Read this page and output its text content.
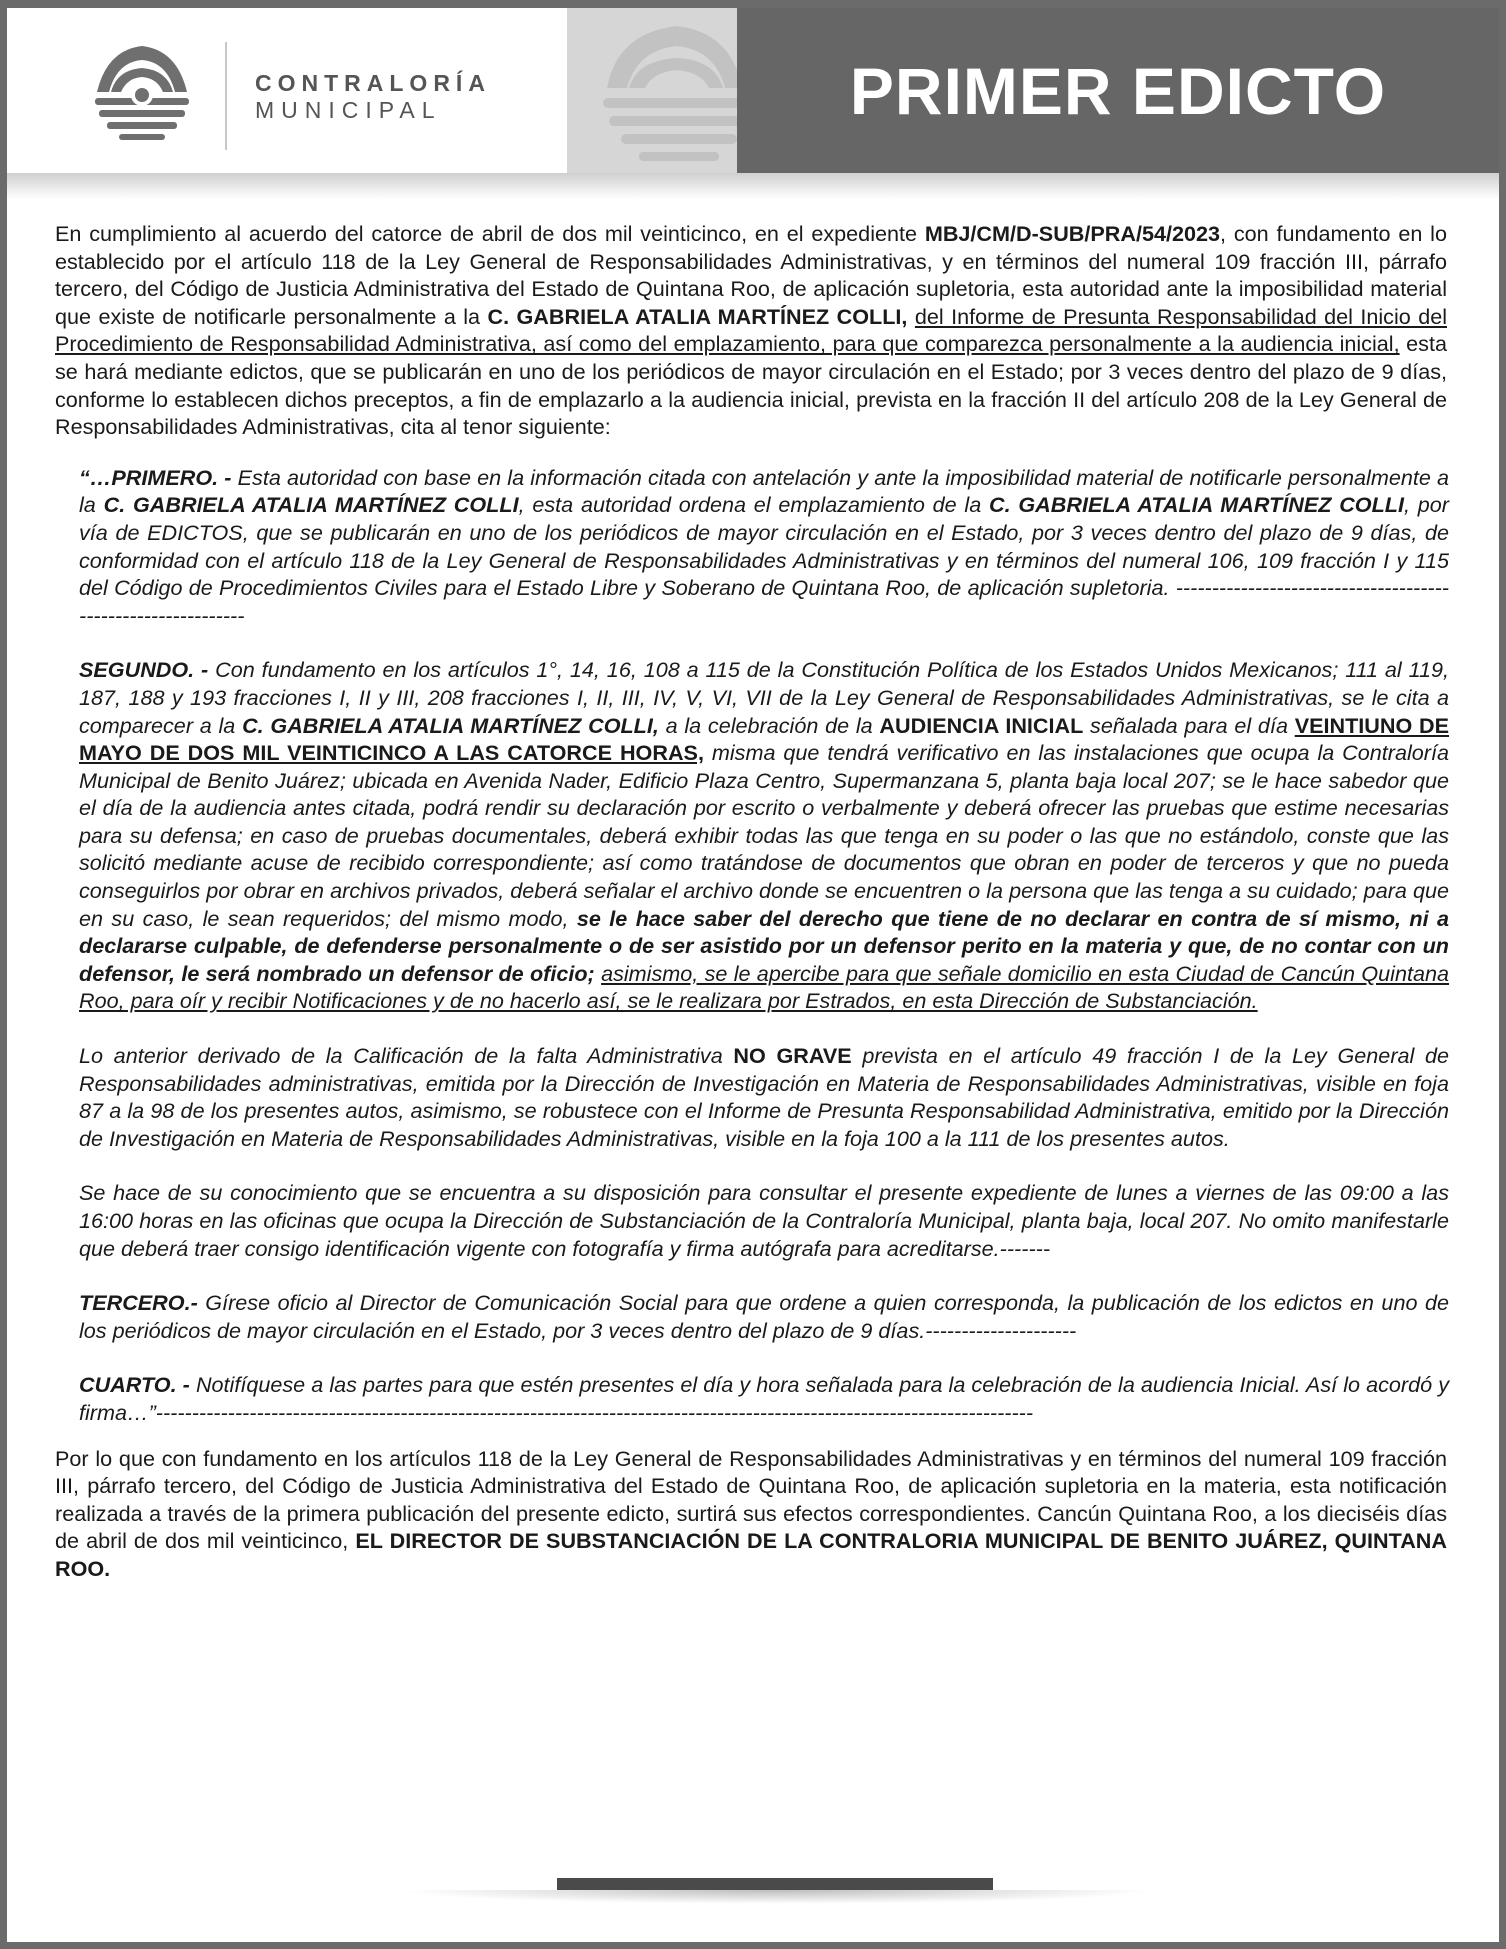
CONTRALORÍA
MUNICIPAL	PRIMER EDICTO

En cumplimiento al acuerdo del catorce de abril de dos mil veinticinco, en el expediente MBJ/CM/D-SUB/PRA/54/2023, con fundamento en lo establecido por el artículo 118 de la Ley General de Responsabilidades Administrativas, y en términos del numeral 109 fracción III, párrafo tercero, del Código de Justicia Administrativa del Estado de Quintana Roo, de aplicación supletoria, esta autoridad ante la imposibilidad material que existe de notificarle personalmente a la C. GABRIELA ATALIA MARTÍNEZ COLLI, del Informe de Presunta Responsabilidad del Inicio del Procedimiento de Responsabilidad Administrativa, así como del emplazamiento, para que comparezca personalmente a la audiencia inicial, esta se hará mediante edictos, que se publicarán en uno de los periódicos de mayor circulación en el Estado; por 3 veces dentro del plazo de 9 días, conforme lo establecen dichos preceptos, a fin de emplazarlo a la audiencia inicial, prevista en la fracción II del artículo 208 de la Ley General de Responsabilidades Administrativas, cita al tenor siguiente:

“…PRIMERO. - Esta autoridad con base en la información citada con antelación y ante la imposibilidad material de notificarle personalmente a la C. GABRIELA ATALIA MARTÍNEZ COLLI, esta autoridad ordena el emplazamiento de la C. GABRIELA ATALIA MARTÍNEZ COLLI, por vía de EDICTOS, que se publicarán en uno de los periódicos de mayor circulación en el Estado, por 3 veces dentro del plazo de 9 días, de conformidad con el artículo 118 de la Ley General de Responsabilidades Administrativas y en términos del numeral 106, 109 fracción I y 115 del Código de Procedimientos Civiles para el Estado Libre y Soberano de Quintana Roo, de aplicación supletoria. -------------------------------------------------------------

SEGUNDO. - Con fundamento en los artículos 1°, 14, 16, 108 a 115 de la Constitución Política de los Estados Unidos Mexicanos; 111 al 119, 187, 188 y 193 fracciones I, II y III, 208 fracciones I, II, III, IV, V, VI, VII de la Ley General de Responsabilidades Administrativas, se le cita a comparecer a la C. GABRIELA ATALIA MARTÍNEZ COLLI, a la celebración de la AUDIENCIA INICIAL señalada para el día VEINTIUNO DE MAYO DE DOS MIL VEINTICINCO A LAS CATORCE HORAS, misma que tendrá verificativo en las instalaciones que ocupa la Contraloría Municipal de Benito Juárez; ubicada en Avenida Nader, Edificio Plaza Centro, Supermanzana 5, planta baja local 207; se le hace sabedor que el día de la audiencia antes citada, podrá rendir su declaración por escrito o verbalmente y deberá ofrecer las pruebas que estime necesarias para su defensa; en caso de pruebas documentales, deberá exhibir todas las que tenga en su poder o las que no estándolo, conste que las solicitó mediante acuse de recibido correspondiente; así como tratándose de documentos que obran en poder de terceros y que no pueda conseguirlos por obrar en archivos privados, deberá señalar el archivo donde se encuentren o la persona que las tenga a su cuidado; para que en su caso, le sean requeridos; del mismo modo, se le hace saber del derecho que tiene de no declarar en contra de sí mismo, ni a declararse culpable, de defenderse personalmente o de ser asistido por un defensor perito en la materia y que, de no contar con un defensor, le será nombrado un defensor de oficio; asimismo, se le apercibe para que señale domicilio en esta Ciudad de Cancún Quintana Roo, para oír y recibir Notificaciones y de no hacerlo así, se le realizara por Estrados, en esta Dirección de Substanciación.

Lo anterior derivado de la Calificación de la falta Administrativa NO GRAVE prevista en el artículo 49 fracción I de la Ley General de Responsabilidades administrativas, emitida por la Dirección de Investigación en Materia de Responsabilidades Administrativas, visible en foja 87 a la 98 de los presentes autos, asimismo, se robustece con el Informe de Presunta Responsabilidad Administrativa, emitido por la Dirección de Investigación en Materia de Responsabilidades Administrativas, visible en la foja 100 a la 111 de los presentes autos.

Se hace de su conocimiento que se encuentra a su disposición para consultar el presente expediente de lunes a viernes de las 09:00 a las 16:00 horas en las oficinas que ocupa la Dirección de Substanciación de la Contraloría Municipal, planta baja, local 207. No omito manifestarle que deberá traer consigo identificación vigente con fotografía y firma autógrafa para acreditarse.-------

TERCERO.- Gírese oficio al Director de Comunicación Social para que ordene a quien corresponda, la publicación de los edictos en uno de los periódicos de mayor circulación en el Estado, por 3 veces dentro del plazo de 9 días.---------------------

CUARTO. - Notifíquese a las partes para que estén presentes el día y hora señalada para la celebración de la audiencia Inicial. Así lo acordó y firma…”--------------------------------------------------------------------------------------------------------------------------

Por lo que con fundamento en los artículos 118 de la Ley General de Responsabilidades Administrativas y en términos del numeral 109 fracción III, párrafo tercero, del Código de Justicia Administrativa del Estado de Quintana Roo, de aplicación supletoria en la materia, esta notificación realizada a través de la primera publicación del presente edicto, surtirá sus efectos correspondientes. Cancún Quintana Roo, a los dieciséis días de abril de dos mil veinticinco, EL DIRECTOR DE SUBSTANCIACIÓN DE LA CONTRALORIA MUNICIPAL DE BENITO JUÁREZ, QUINTANA ROO.
